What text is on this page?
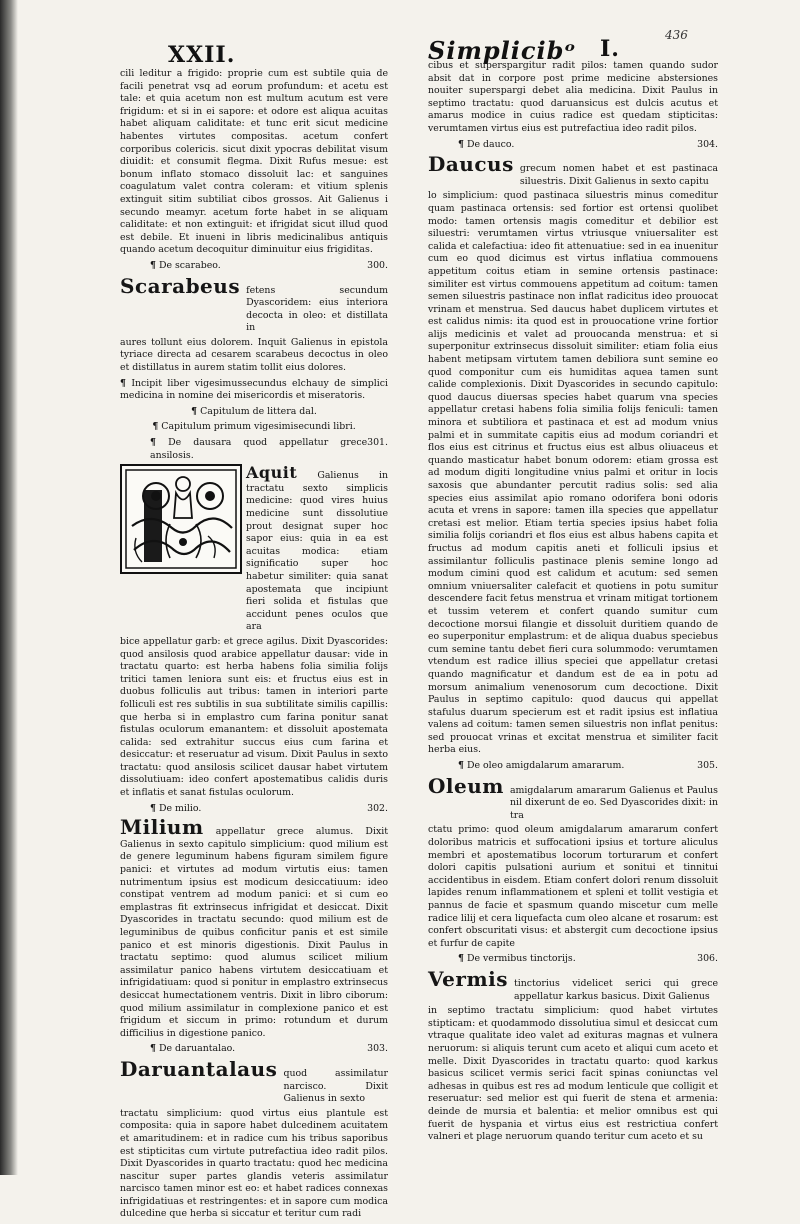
XXII.	Simplicibᵒ I.
436

cili leditur a frigido: proprie cum est subtile quia de facili penetrat vsq ad eorum profundum: et acetu est tale: et quia acetum non est multum acutum est vere frigidum: et si in ei sapore: et odore est aliqua acuitas habet aliquam caliditate: et tunc erit sicut medicine habentes virtutes compositas. acetum confert corporibus colericis. sicut dixit ypocras debilitat visum diuidit: et consumit flegma. Dixit Rufus mesue: est bonum inflato stomaco dissoluit lac: et sanguines coagulatum valet contra coleram: et vitium splenis extinguit sitim subtiliat cibos grossos. Ait Galienus i secundo meamyr. acetum forte habet in se aliquam caliditate: et non extinguit: et ifrigidat sicut illud quod est debile. Et inueni in libris medicinalibus antiquis quando acetum decoquitur diminuitur eius frigiditas.

¶ De scarabeo.	300.
Scarabeus fetens secundum Dyascoridem: eius interiora decocta in oleo: et distillata in

aures tollunt eius dolorem. Inquit Galienus in epistola tyriace directa ad cesarem scarabeus decoctus in oleo et distillatus in aurem statim tollit eius dolores.

¶ Incipit liber vigesimussecundus elchauy de simplici medicina in nomine dei misericordis et miseratoris.

¶ Capitulum de littera dal.
¶ Capitulum primum vigesimisecundi libri.
¶ De dausara quod appellatur grece ansilosis.
301.
Aquit Galienus in tractatu sexto simplicis medicine: quod vires huius medicine sunt dissolutiue prout designat super hoc sapor eius: quia in ea est acuitas modica: etiam significatio super hoc habetur similiter: quia sanat apostemata que incipiunt fieri solida et fistulas que accidunt penes oculos que ara

bice appellatur garb: et grece agilus. Dixit Dyascorides: quod ansilosis quod arabice appellatur dausar: vide in tractatu quarto: est herba habens folia similia folijs tritici tamen leniora sunt eis: et fructus eius est in duobus folliculis aut tribus: tamen in interiori parte folliculi est res subtilis in sua subtilitate similis capillis: que herba si in emplastro cum farina ponitur sanat fistulas oculorum emanantem: et dissoluit apostemata calida: sed extrahitur succus eius cum farina et desiccatur: et reseruatur ad visum. Dixit Paulus in sexto tractatu: quod ansilosis scilicet dausar habet virtutem dissolutiuam: ideo confert apostematibus calidis duris et inflatis et sanat fistulas oculorum.

¶ De milio.	302.

Milium appellatur grece alumus. Dixit Galienus in sexto capitulo simplicium: quod milium est de genere leguminum habens figuram similem figure panici: et virtutes ad modum virtutis eius: tamen nutrimentum ipsius est modicum desiccatiuum: ideo constipat ventrem ad modum panici: et si cum eo emplastras fit extrinsecus infrigidat et desiccat. Dixit Dyascorides in tractatu secundo: quod milium est de leguminibus de quibus conficitur panis et est simile panico et est minoris digestionis. Dixit Paulus in tractatu septimo: quod alumus scilicet milium assimilatur panico habens virtutem desiccatiuam et infrigidatiuam: quod si ponitur in emplastro extrinsecus desiccat humectationem ventris. Dixit in libro ciborum: quod milium assimilatur in complexione panico et est frigidum et siccum in primo: rotundum et durum difficilius in digestione panico.

¶ De daruantalao.	303.
Daruantalaus quod assimilatur narcisco. Dixit Galienus in sexto

tractatu simplicium: quod virtus eius plantule est composita: quia in sapore habet dulcedinem acuitatem et amaritudinem: et in radice cum his tribus saporibus est stipticitas cum virtute putrefactiua ideo radit pilos. Dixit Dyascorides in quarto tractatu: quod hec medicina nascitur super partes glandis veteris assimilatur narcisco tamen minor est eo: et habet radices connexas infrigidatiuas et restringentes: et in sapore cum modica dulcedine que herba si siccatur et teritur cum radi

cibus et superspargitur radit pilos: tamen quando sudor absit dat in corpore post prime medicine abstersiones nouiter superspargi debet alia medicina. Dixit Paulus in septimo tractatu: quod daruansicus est dulcis acutus et amarus modice in cuius radice est quedam stipticitas: verumtamen virtus eius est putrefactiua ideo radit pilos.

¶ De dauco.	304.
Daucus grecum nomen habet et est pastinaca siluestris. Dixit Galienus in sexto capitu

lo simplicium: quod pastinaca siluestris minus comeditur quam pastinaca ortensis: sed fortior est ortensi quolibet modo: tamen ortensis magis comeditur et debilior est siluestri: verumtamen virtus vtriusque vniuersaliter est calida et calefactiua: ideo fit attenuatiue: sed in ea inuenitur cum eo quod dicimus est virtus inflatiua commouens appetitum coitus etiam in semine ortensis pastinace: similiter est virtus commouens appetitum ad coitum: tamen semen siluestris pastinace non inflat radicitus ideo prouocat vrinam et menstrua. Sed daucus habet duplicem virtutes et est calidus nimis: ita quod est in prouocatione vrine fortior alijs medicinis et valet ad prouocanda menstrua: et si superponitur extrinsecus dissoluit similiter: etiam folia eius habent metipsam virtutem tamen debiliora sunt semine eo quod componitur cum eis humiditas aquea tamen sunt calide complexionis. Dixit Dyascorides in secundo capitulo: quod daucus diuersas species habet quarum vna species appellatur cretasi habens folia similia folijs feniculi: tamen minora et subtiliora et pastinaca et est ad modum vnius palmi et in summitate capitis eius ad modum coriandri et flos eius est citrinus et fructus eius est albus oliuaceus et quando masticatur habet bonum odorem: etiam grossa est ad modum digiti longitudine vnius palmi et oritur in locis saxosis que abundanter percutit radius solis: sed alia species eius assimilat apio romano odorifera boni odoris acuta et vrens in sapore: tamen illa species que appellatur cretasi est melior. Etiam tertia species ipsius habet folia similia folijs coriandri et flos eius est albus habens capita et fructus ad modum capitis aneti et folliculi ipsius et assimilantur folliculis pastinace plenis semine longo ad modum cimini quod est calidum et acutum: sed semen omnium vniuersaliter calefacit et quotiens in potu sumitur descendere facit fetus menstrua et vrinam mitigat tortionem et tussim veterem et confert quando sumitur cum decoctione morsui filangie et dissoluit duritiem quando de eo superponitur emplastrum: et de aliqua duabus speciebus cum semine tantu debet fieri cura solummodo: verumtamen vtendum est radice illius speciei que appellatur cretasi quando magnificatur et dandum est de ea in potu ad morsum animalium venenosorum cum decoctione. Dixit Paulus in septimo capitulo: quod daucus qui appellat stafulus duarum specierum est et radit ipsius est inflatiua valens ad coitum: tamen semen siluestris non inflat penitus: sed prouocat vrinas et excitat menstrua et similiter facit herba eius.

¶ De oleo amigdalarum amararum.	305.
Oleum amigdalarum amararum Galienus et Paulus nil dixerunt de eo. Sed Dyascorides dixit: in tra

ctatu primo: quod oleum amigdalarum amararum confert doloribus matricis et suffocationi ipsius et torture aliculus membri et apostematibus locorum torturarum et confert dolori capitis pulsationi aurium et sonitui et tinnitui accidentibus in eisdem. Etiam confert dolori renum dissoluit lapides renum inflammationem et spleni et tollit vestigia et pannus de facie et spasmum quando miscetur cum melle radice lilij et cera liquefacta cum oleo alcane et rosarum: est confert obscuritati visus: et abstergit cum decoctione ipsius et furfur de capite

¶ De vermibus tinctorijs.	306.
Vermis tinctorius videlicet serici qui grece appellatur karkus basicus. Dixit Galienus

in septimo tractatu simplicium: quod habet virtutes stipticam: et quodammodo dissolutiua simul et desiccat cum vtraque qualitate ideo valet ad exituras magnas et vulnera neruorum: si aliquis terunt cum aceto et aliqui cum aceto et melle. Dixit Dyascorides in tractatu quarto: quod karkus basicus scilicet vermis serici facit spinas coniunctas vel adhesas in quibus est res ad modum lenticule que colligit et reseruatur: sed melior est qui fuerit de stena et armenia: deinde de mursia et balentia: et melior omnibus est qui fuerit de hyspania et virtus eius est restrictiua confert valneri et plage neruorum quando teritur cum aceto et su
